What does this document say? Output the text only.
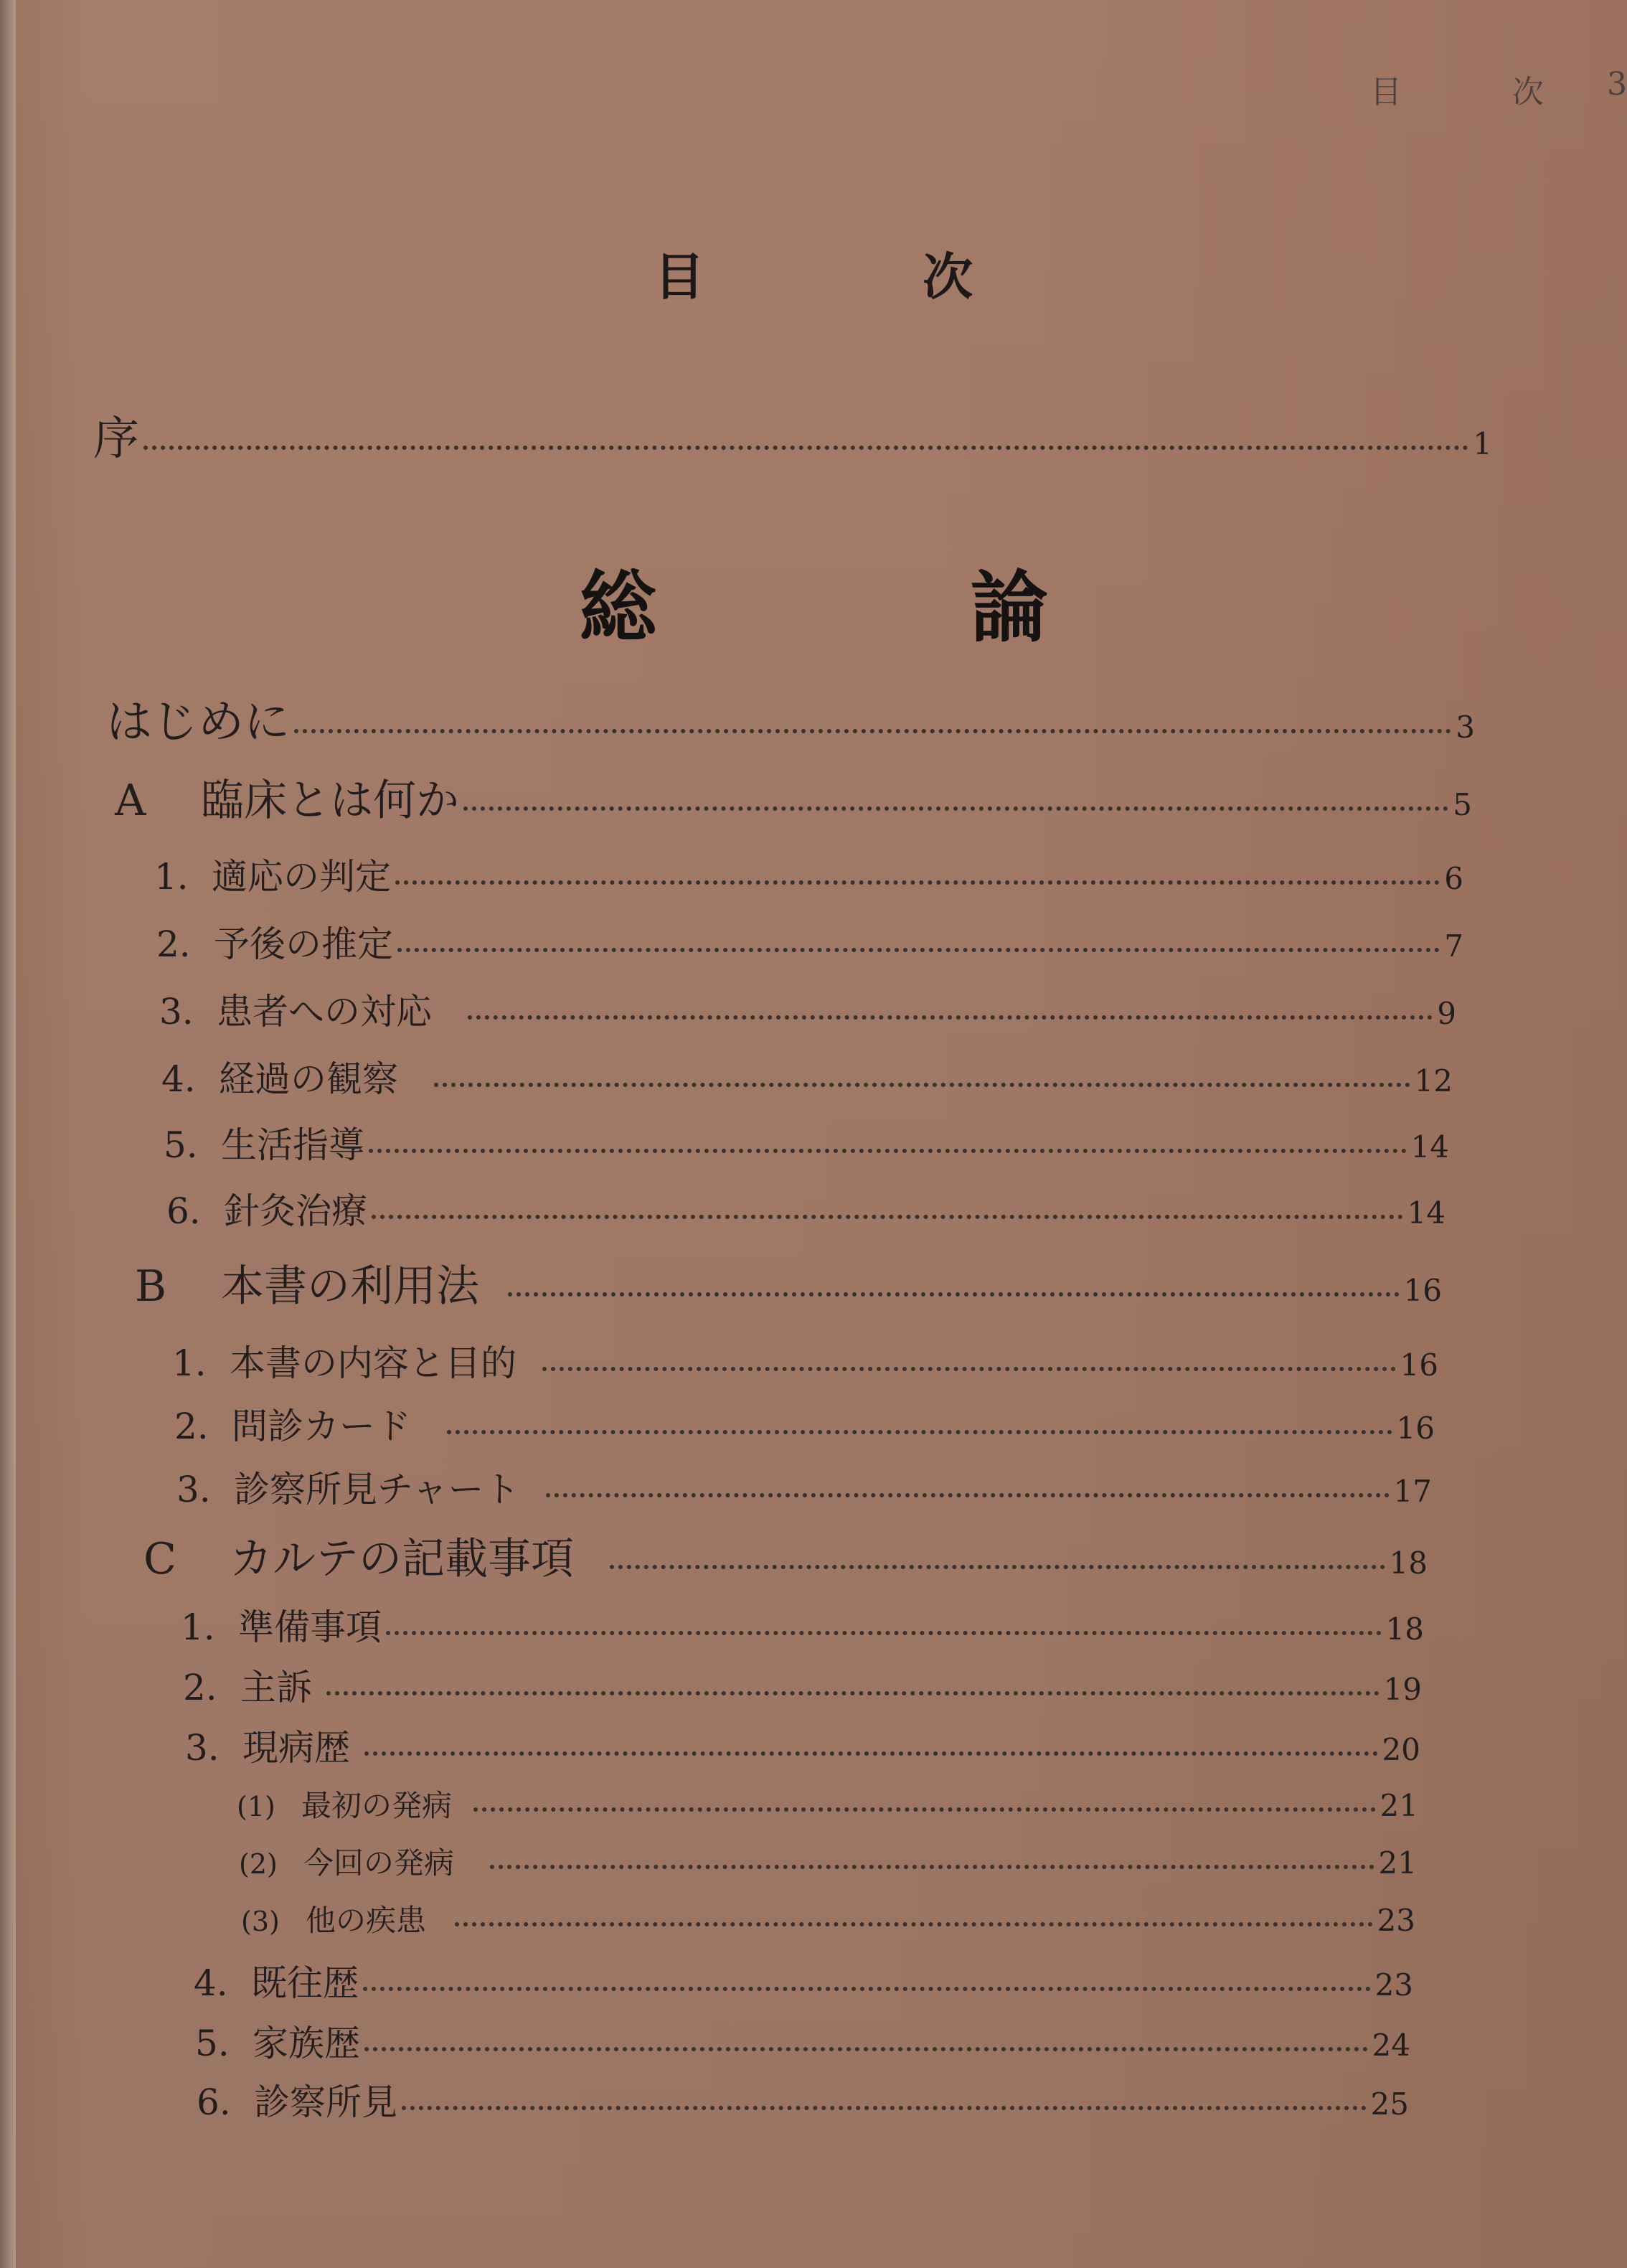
目 次 3
目 次
序	1
総 論
はじめに	3
A	臨床とは何か	5
1. 適応の判定	6
2. 予後の推定	7
3. 患者への対応	9
4. 経過の観察	12
5. 生活指導	14
6. 針灸治療	14
B	本書の利用法	16
1. 本書の内容と目的	16
2. 問診カード	16
3. 診察所見チャート	17
C	カルテの記載事項	18
1. 準備事項	18
2. 主訴	19
3. 現病歴	20
(1) 最初の発病	21
(2) 今回の発病	21
(3) 他の疾患	23
4. 既往歴	23
5. 家族歴	24
6. 診察所見	25
